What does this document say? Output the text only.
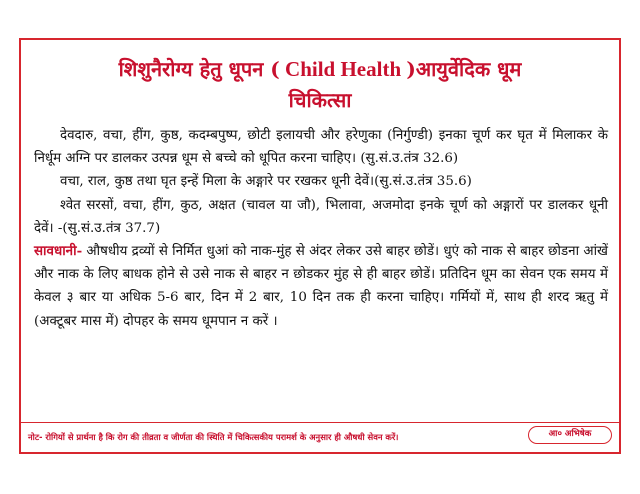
शिशुनैरोग्य हेतु धूपन ( Child Health )आयुर्वेदिक धूम
चिकित्सा

देवदारु, वचा, हींग, कुष्ठ, कदम्बपुष्प, छोटी इलायची और हरेणुका (निर्गुण्डी) इनका चूर्ण कर घृत में मिलाकर के निर्धूम अग्नि पर डालकर उत्पन्न धूम से बच्चे को धूपित करना चाहिए। (सु.सं.उ.तंत्र 32.6)

वचा, राल, कुष्ठ तथा घृत इन्हें मिला के अङ्गारे पर रखकर धूनी देवें।(सु.सं.उ.तंत्र 35.6)

श्वेत सरसों, वचा, हींग, कुठ, अक्षत (चावल या जौ), भिलावा, अजमोदा इनके चूर्ण को अङ्गारों पर डालकर धूनी देवें। -(सु.सं.उ.तंत्र 37.7)

सावधानी- औषधीय द्रव्यों से निर्मित धुआं को नाक-मुंह से अंदर लेकर उसे बाहर छोडें। धुएं को नाक से बाहर छोडना आंखें और नाक के लिए बाधक होने से उसे नाक से बाहर न छोडकर मुंह से ही बाहर छोडें। प्रतिदिन धूम का सेवन एक समय में केवल ३ बार या अधिक 5-6 बार, दिन में 2 बार, 10 दिन तक ही करना चाहिए। गर्मियों में, साथ ही शरद ऋतु में (अक्टूबर मास में) दोपहर के समय धूमपान न करें ।

नोट- रोगियों से प्रार्थना है कि रोग की तीव्रता व जीर्णता की स्थिति में चिकित्सकीय परामर्श के अनुसार ही औषधी सेवन करें।	आ० अभिषेक
